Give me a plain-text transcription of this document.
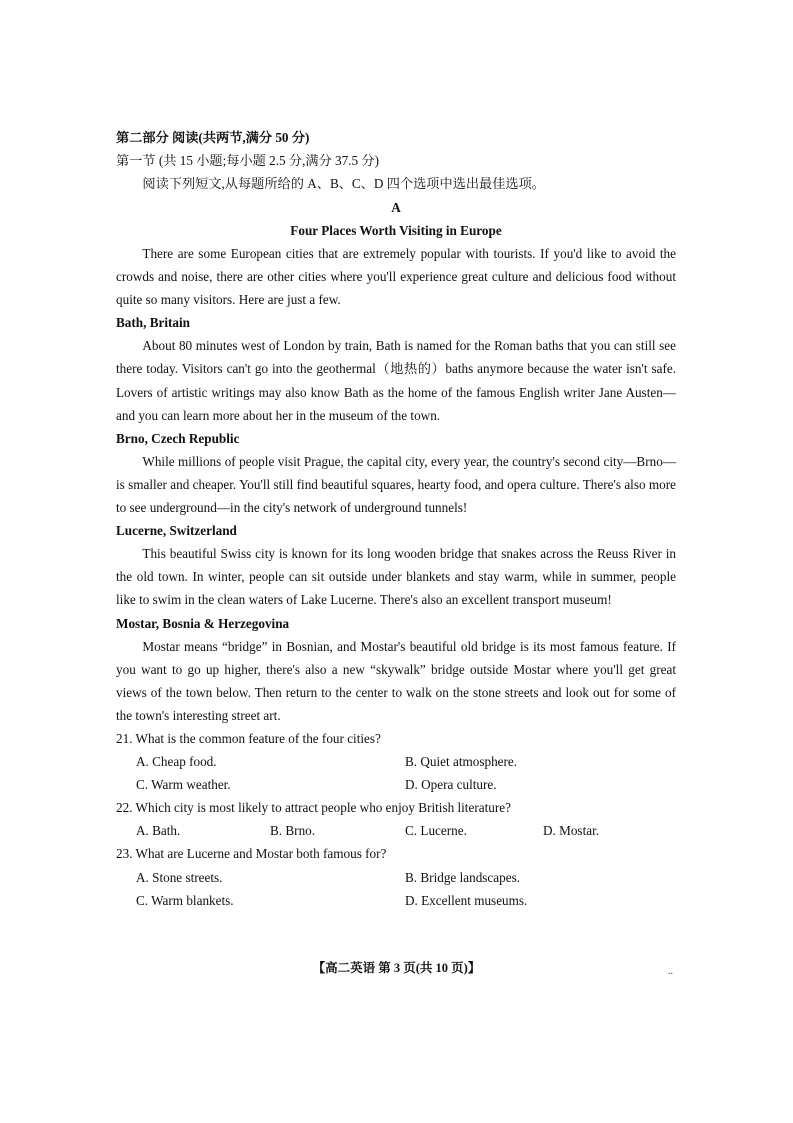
第二部分 阅读(共两节,满分 50 分)

第一节 (共 15 小题;每小题 2.5 分,满分 37.5 分)

阅读下列短文,从每题所给的 A、B、C、D 四个选项中选出最佳选项。

A

Four Places Worth Visiting in Europe

There are some European cities that are extremely popular with tourists. If you'd like to avoid the crowds and noise, there are other cities where you'll experience great culture and delicious food without quite so many visitors. Here are just a few.

Bath, Britain

About 80 minutes west of London by train, Bath is named for the Roman baths that you can still see there today. Visitors can't go into the geothermal（地热的）baths anymore because the water isn't safe. Lovers of artistic writings may also know Bath as the home of the famous English writer Jane Austen—and you can learn more about her in the museum of the town.

Brno, Czech Republic

While millions of people visit Prague, the capital city, every year, the country's second city—Brno—is smaller and cheaper. You'll still find beautiful squares, hearty food, and opera culture. There's also more to see underground—in the city's network of underground tunnels!

Lucerne, Switzerland

This beautiful Swiss city is known for its long wooden bridge that snakes across the Reuss River in the old town. In winter, people can sit outside under blankets and stay warm, while in summer, people like to swim in the clean waters of Lake Lucerne. There's also an excellent transport museum!

Mostar, Bosnia & Herzegovina

Mostar means “bridge” in Bosnian, and Mostar's beautiful old bridge is its most famous feature. If you want to go up higher, there's also a new “skywalk” bridge outside Mostar where you'll get great views of the town below. Then return to the center to walk on the stone streets and look out for some of the town's interesting street art.

21. What is the common feature of the four cities?

A. Cheap food.	B. Quiet atmosphere.
C. Warm weather.	D. Opera culture.

22. Which city is most likely to attract people who enjoy British literature?

A. Bath.	B. Brno.	C. Lucerne.	D. Mostar.

23. What are Lucerne and Mostar both famous for?

A. Stone streets.	B. Bridge landscapes.
C. Warm blankets.	D. Excellent museums.
【高二英语 第 3 页(共 10 页)】	..
